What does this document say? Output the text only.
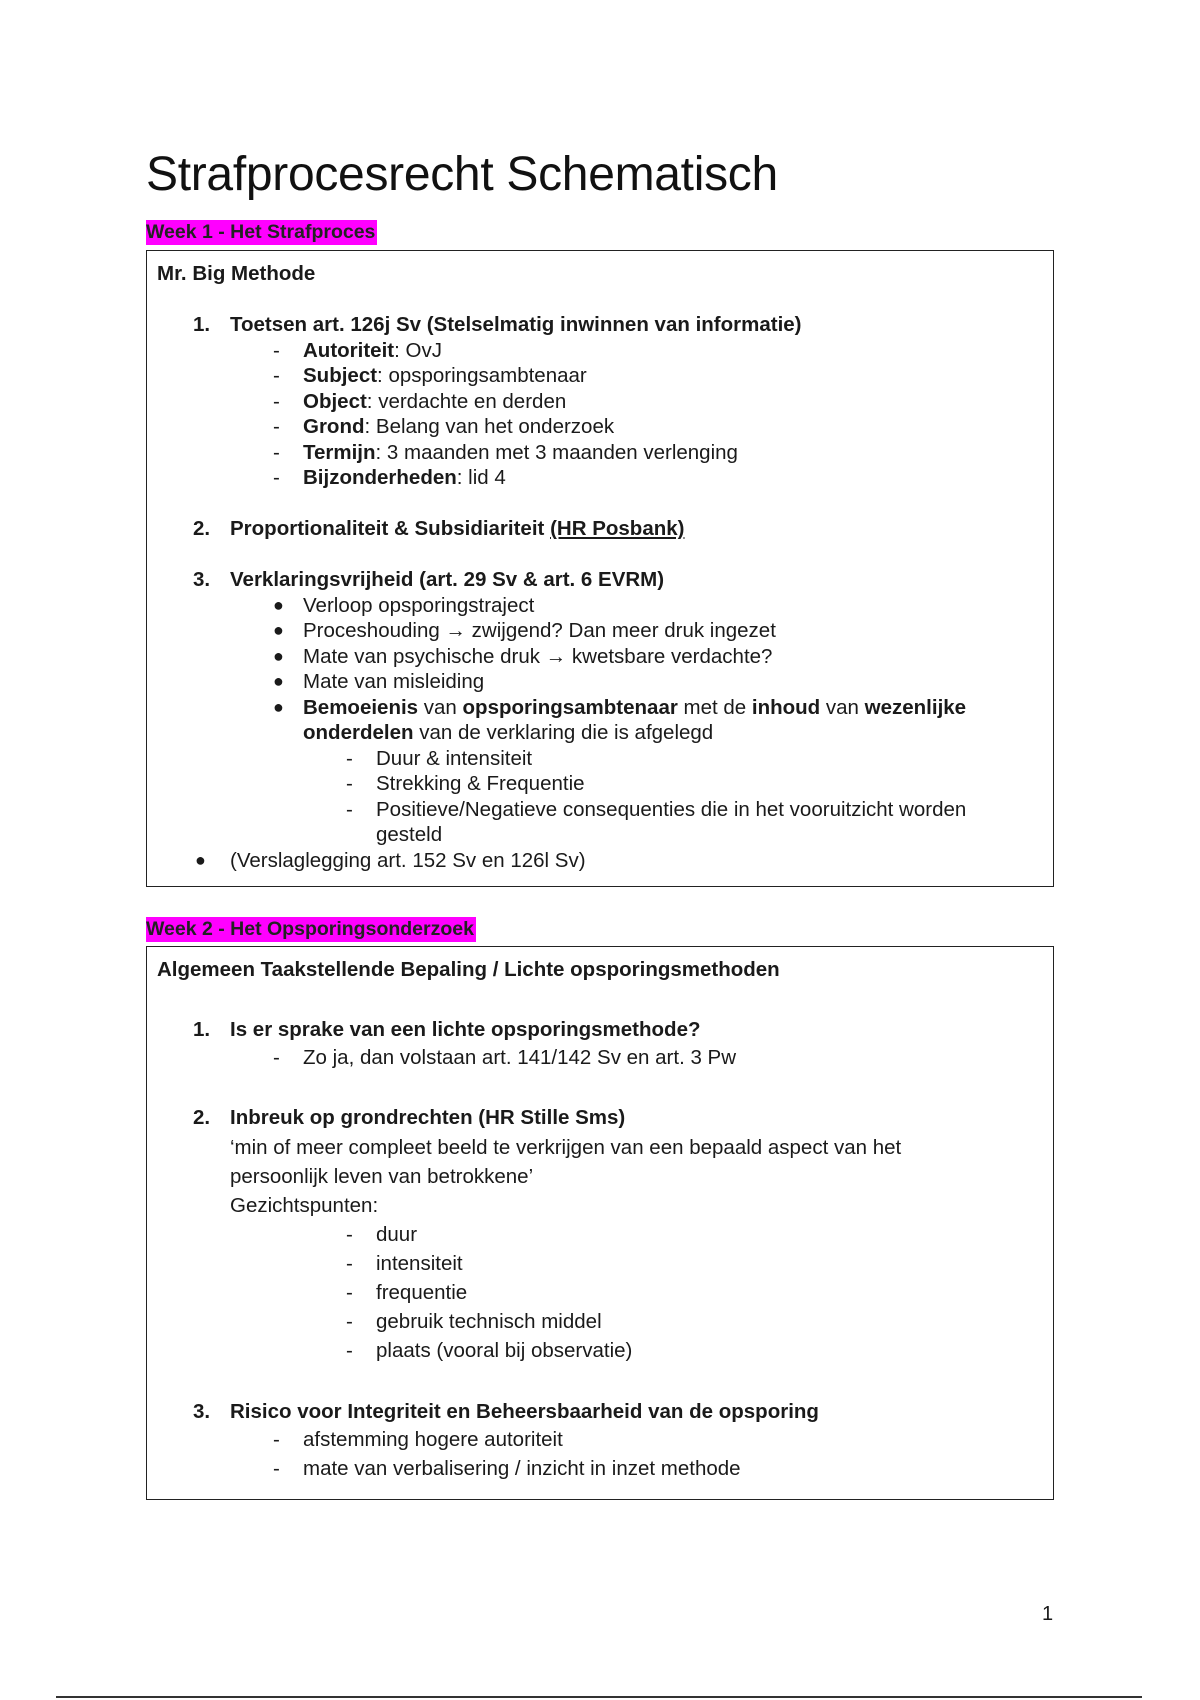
Strafprocesrecht Schematisch
Week 1 - Het Strafproces
Mr. Big Methode
1. Toetsen art. 126j Sv (Stelselmatig inwinnen van informatie)
- Autoriteit: OvJ
- Subject: opsporingsambtenaar
- Object: verdachte en derden
- Grond: Belang van het onderzoek
- Termijn: 3 maanden met 3 maanden verlenging
- Bijzonderheden: lid 4
2. Proportionaliteit & Subsidiariteit (HR Posbank)
3. Verklaringsvrijheid (art. 29 Sv & art. 6 EVRM)
● Verloop opsporingstraject
● Proceshouding → zwijgend? Dan meer druk ingezet
● Mate van psychische druk → kwetsbare verdachte?
● Mate van misleiding
● Bemoeienis van opsporingsambtenaar met de inhoud van wezenlijke onderdelen van de verklaring die is afgelegd
- Duur & intensiteit
- Strekking & Frequentie
- Positieve/Negatieve consequenties die in het vooruitzicht worden gesteld
● (Verslaglegging art. 152 Sv en 126l Sv)
Week 2 - Het Opsporingsonderzoek
Algemeen Taakstellende Bepaling / Lichte opsporingsmethoden
1. Is er sprake van een lichte opsporingsmethode?
- Zo ja, dan volstaan art. 141/142 Sv en art. 3 Pw
2. Inbreuk op grondrechten (HR Stille Sms)
‘min of meer compleet beeld te verkrijgen van een bepaald aspect van het persoonlijk leven van betrokkene’
Gezichtspunten:
- duur
- intensiteit
- frequentie
- gebruik technisch middel
- plaats (vooral bij observatie)
3. Risico voor Integriteit en Beheersbaarheid van de opsporing
- afstemming hogere autoriteit
- mate van verbalisering / inzicht in inzet methode
1
